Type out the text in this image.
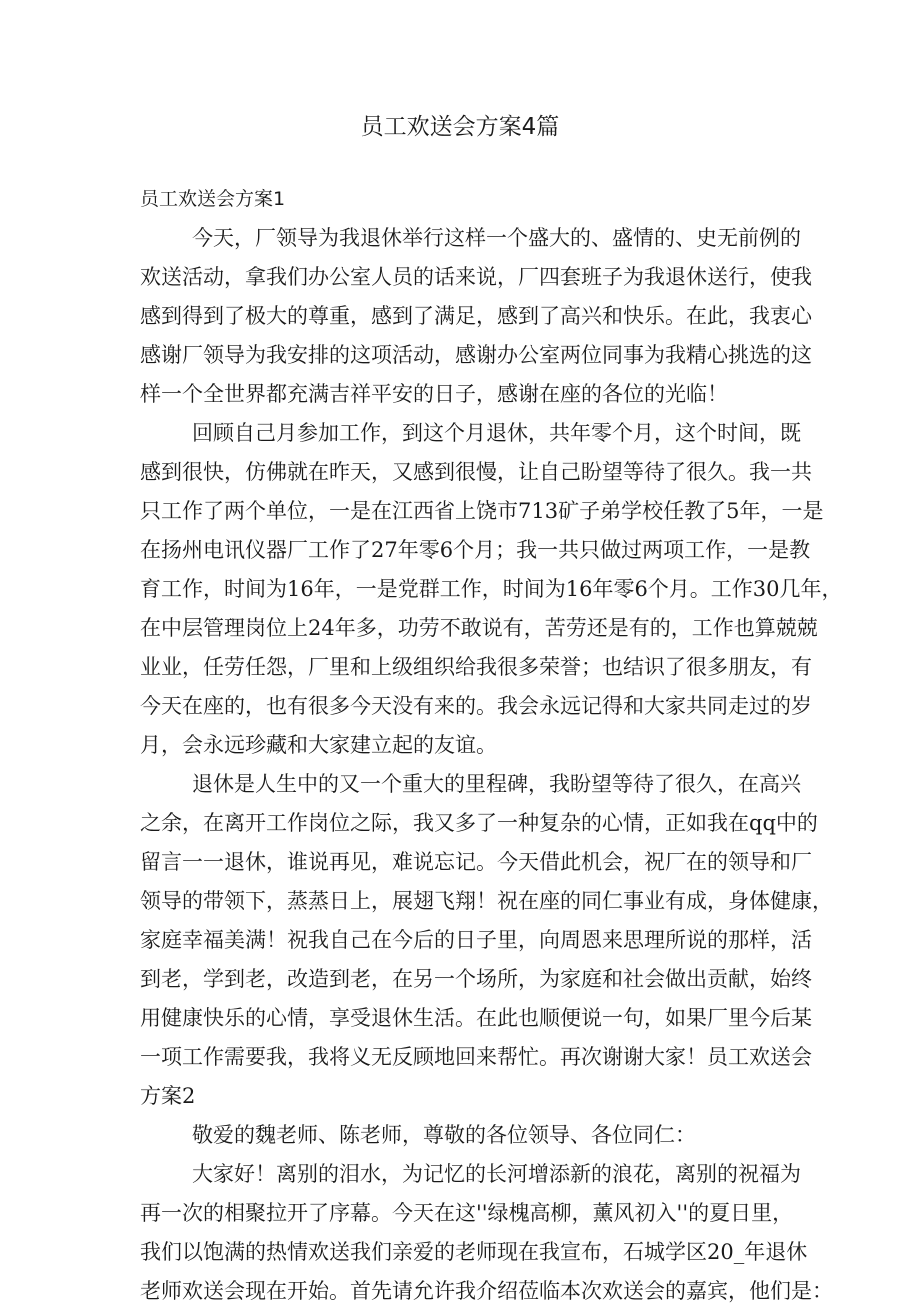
员工欢送会方案4篇
员工欢送会方案1
今天，厂领导为我退休举行这样一个盛大的、盛情的、史无前例的
欢送活动，拿我们办公室人员的话来说，厂四套班子为我退休送行，使我
感到得到了极大的尊重，感到了满足，感到了高兴和快乐。在此，我衷心
感谢厂领导为我安排的这项活动，感谢办公室两位同事为我精心挑选的这
样一个全世界都充满吉祥平安的日子，感谢在座的各位的光临！
回顾自己月参加工作，到这个月退休，共年零个月，这个时间，既
感到很快，仿佛就在昨天，又感到很慢，让自己盼望等待了很久。我一共
只工作了两个单位，一是在江西省上饶市713矿子弟学校任教了5年，一是
在扬州电讯仪器厂工作了27年零6个月；我一共只做过两项工作，一是教
育工作，时间为16年，一是党群工作，时间为16年零6个月。工作30几年，
在中层管理岗位上24年多，功劳不敢说有，苦劳还是有的，工作也算兢兢
业业，任劳任怨，厂里和上级组织给我很多荣誉；也结识了很多朋友，有
今天在座的，也有很多今天没有来的。我会永远记得和大家共同走过的岁
月，会永远珍藏和大家建立起的友谊。
退休是人生中的又一个重大的里程碑，我盼望等待了很久，在高兴
之余，在离开工作岗位之际，我又多了一种复杂的心情，正如我在qq中的
留言一一退休，谁说再见，难说忘记。今天借此机会，祝厂在的领导和厂
领导的带领下，蒸蒸日上，展翅飞翔！祝在座的同仁事业有成，身体健康，
家庭幸福美满！祝我自己在今后的日子里，向周恩来思理所说的那样，活
到老，学到老，改造到老，在另一个场所，为家庭和社会做出贡献，始终
用健康快乐的心情，享受退休生活。在此也顺便说一句，如果厂里今后某
一项工作需要我，我将义无反顾地回来帮忙。再次谢谢大家！员工欢送会
方案2
敬爱的魏老师、陈老师，尊敬的各位领导、各位同仁：
大家好！离别的泪水，为记忆的长河增添新的浪花，离别的祝福为
再一次的相聚拉开了序幕。今天在这''绿槐高柳，薰风初入''的夏日里，
我们以饱满的热情欢送我们亲爱的老师现在我宣布，石城学区20_年退休
老师欢送会现在开始。首先请允许我介绍莅临本次欢送会的嘉宾，他们是：
